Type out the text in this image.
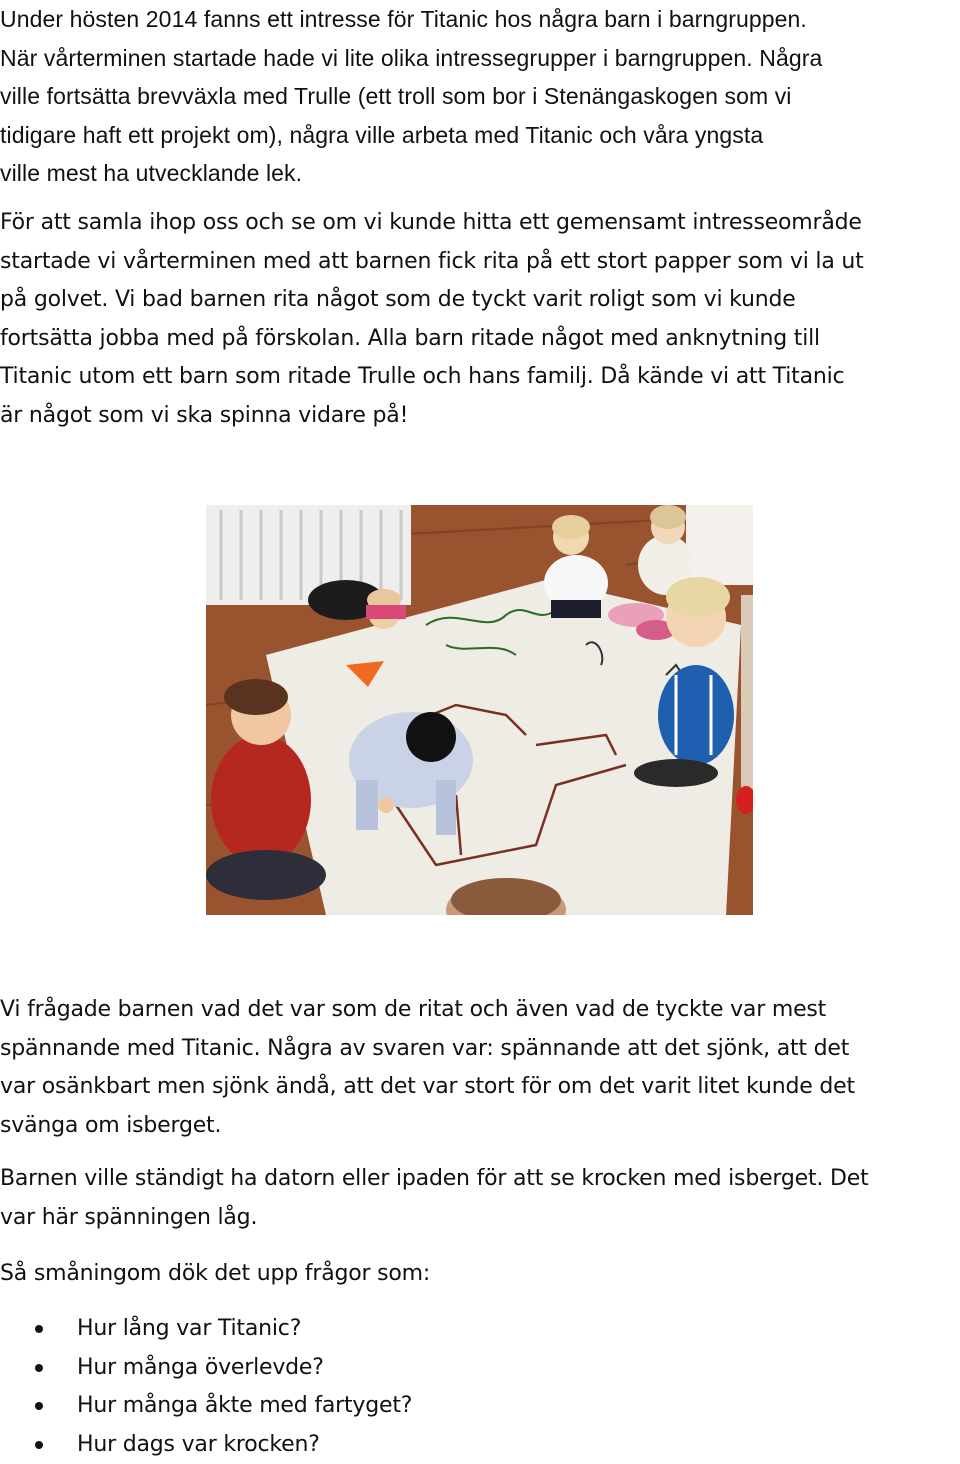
Under hösten 2014 fanns ett intresse för Titanic hos några barn i barngruppen.
När vårterminen startade hade vi lite olika intressegrupper i barngruppen. Några
ville fortsätta brevväxla med Trulle (ett troll som bor i Stenängaskogen som vi
tidigare haft ett projekt om), några ville arbeta med Titanic och våra yngsta
ville mest ha utvecklande lek.
För att samla ihop oss och se om vi kunde hitta ett gemensamt intresseområde
startade vi vårterminen med att barnen fick rita på ett stort papper som vi la ut
på golvet. Vi bad barnen rita något som de tyckt varit roligt som vi kunde
fortsätta jobba med på förskolan. Alla barn ritade något med anknytning till
Titanic utom ett barn som ritade Trulle och hans familj. Då kände vi att Titanic
är något som vi ska spinna vidare på!
Vi frågade barnen vad det var som de ritat och även vad de tyckte var mest
spännande med Titanic. Några av svaren var: spännande att det sjönk, att det
var osänkbart men sjönk ändå, att det var stort för om det varit litet kunde det
svänga om isberget.
Barnen ville ständigt ha datorn eller ipaden för att se krocken med isberget. Det
var här spänningen låg.
Så småningom dök det upp frågor som:
Hur lång var Titanic?
Hur många överlevde?
Hur många åkte med fartyget?
Hur dags var krocken?
